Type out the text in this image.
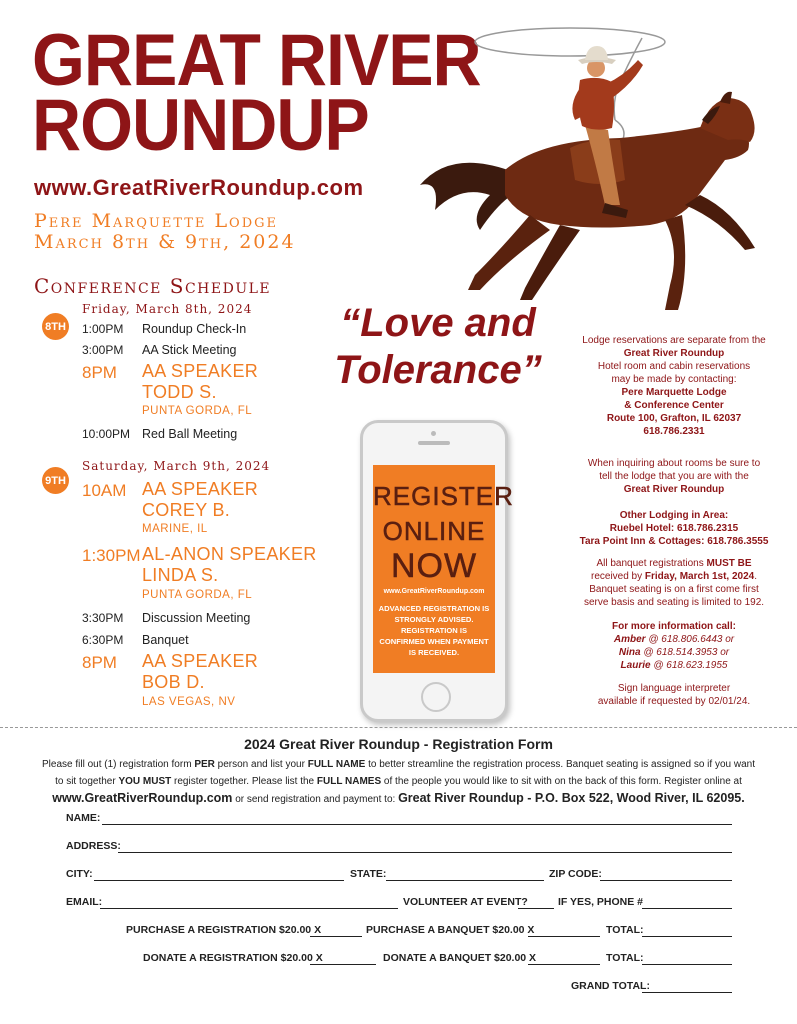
GREAT RIVER
ROUNDUP
www.GreatRiverRoundup.com
Pere Marquette Lodge
March 8th & 9th, 2024
Conference Schedule
8TH
Friday, March 8th, 2024
1:00PM Roundup Check-In
3:00PM AA Stick Meeting
8PM AA SPEAKER
TODD S.
PUNTA GORDA, FL
10:00PM Red Ball Meeting
9TH
Saturday, March 9th, 2024
10AM AA SPEAKER
COREY B.
MARINE, IL
1:30PM AL-ANON SPEAKER
LINDA S.
PUNTA GORDA, FL
3:30PM Discussion Meeting
6:30PM Banquet
8PM AA SPEAKER
BOB D.
LAS VEGAS, NV
“Love and
Tolerance”
REGISTER
ONLINE
NOW
www.GreatRiverRoundup.com
ADVANCED REGISTRATION IS STRONGLY ADVISED. REGISTRATION IS CONFIRMED WHEN PAYMENT IS RECEIVED.
Lodge reservations are separate from the
Great River Roundup
Hotel room and cabin reservations
may be made by contacting:
Pere Marquette Lodge
& Conference Center
Route 100, Grafton, IL 62037
618.786.2331
When inquiring about rooms be sure to
tell the lodge that you are with the
Great River Roundup
Other Lodging in Area:
Ruebel Hotel: 618.786.2315
Tara Point Inn & Cottages: 618.786.3555
All banquet registrations MUST BE
received by Friday, March 1st, 2024.
Banquet seating is on a first come first
serve basis and seating is limited to 192.
For more information call:
Amber @ 618.806.6443 or
Nina @ 618.514.3953 or
Laurie @ 618.623.1955
Sign language interpreter
available if requested by 02/01/24.
2024 Great River Roundup - Registration Form
Please fill out (1) registration form PER person and list your FULL NAME to better streamline the registration process. Banquet seating is assigned so if you want
to sit together YOU MUST register together. Please list the FULL NAMES of the people you would like to sit with on the back of this form. Register online at
www.GreatRiverRoundup.com or send registration and payment to: Great River Roundup - P.O. Box 522, Wood River, IL 62095.
NAME:
ADDRESS:
CITY:	STATE:	ZIP CODE:
EMAIL:	VOLUNTEER AT EVENT?	IF YES, PHONE #
PURCHASE A REGISTRATION $20.00 X	PURCHASE A BANQUET $20.00 X	TOTAL:
DONATE A REGISTRATION $20.00 X	DONATE A BANQUET $20.00 X	TOTAL:
GRAND TOTAL:
